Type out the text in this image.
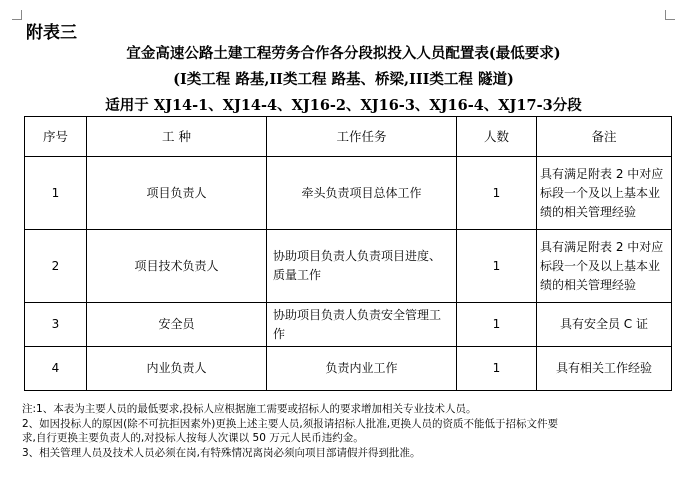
附表三
宜金高速公路土建工程劳务合作各分段拟投入人员配置表(最低要求)
(I类工程 路基,II类工程 路基、桥梁,III类工程 隧道)
适用于 XJ14-1、XJ14-4、XJ16-2、XJ16-3、XJ16-4、XJ17-3分段
序号	工 种	工作任务	人数	备注
1	项目负责人	牵头负责项目总体工作	1	具有满足附表 2 中对应标段一个及以上基本业绩的相关管理经验
2	项目技术负责人	协助项目负责人负责项目进度、质量工作	1	具有满足附表 2 中对应标段一个及以上基本业绩的相关管理经验
3	安全员	协助项目负责人负责安全管理工作	1	具有安全员 C 证
4	内业负责人	负责内业工作	1	具有相关工作经验
注:1、本表为主要人员的最低要求,投标人应根据施工需要或招标人的要求增加相关专业技术人员。
2、如因投标人的原因(除不可抗拒因素外)更换上述主要人员,须报请招标人批准,更换人员的资质不能低于招标文件要
求,自行更换主要负责人的,对投标人按每人次课以 50 万元人民币违约金。
3、相关管理人员及技术人员必须在岗,有特殊情况离岗必须向项目部请假并得到批准。
